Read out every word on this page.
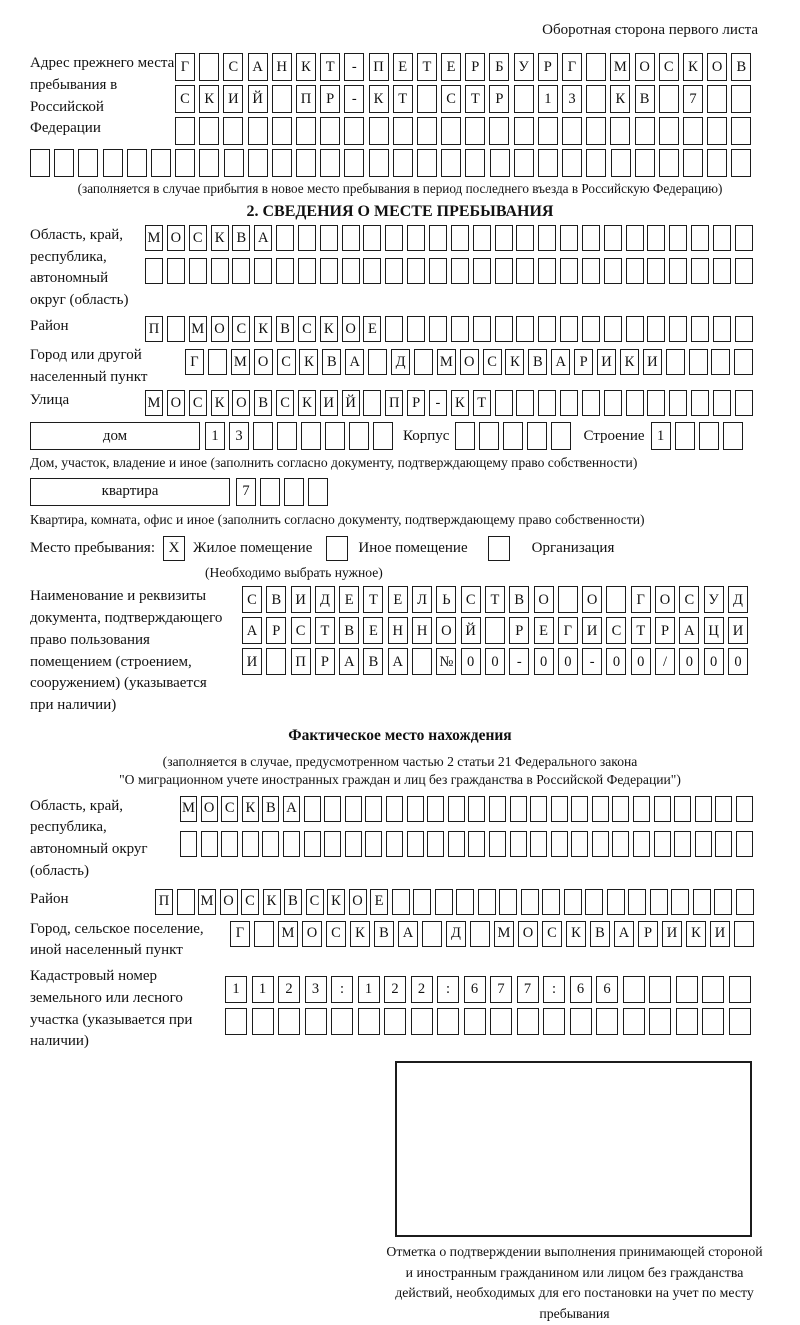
Оборотная сторона первого листа
Адрес прежнего места пребывания в Российской Федерации
Г	С А Н К	Т	-	П	Е	Т	Е	Р	Б	У	Р	Г	М О С	К О В
С	К И Й	П	Р	-	К	Т	С	Т	Р	1	3	К	В	7
(заполняется в случае прибытия в новое место пребывания в период последнего въезда в Российскую Федерацию)
2. СВЕДЕНИЯ О МЕСТЕ ПРЕБЫВАНИЯ
Область, край, республика, автономный округ (область)
М О С К В А
Район	П М О С К В С К О Е
Город или другой населенный пункт
Г	М О С К В А	Д	М О С К В А Р И К И
Улица	М О С К О В С К И Й П Р	-	К Т
дом	1	3	Корпус	Строение 1
Дом, участок, владение и иное (заполнить согласно документу, подтверждающему право собственности)
квартира	7
Квартира, комната, офис и иное (заполнить согласно документу, подтверждающему право собственности)
Место пребывания: X Жилое помещение	Иное помещение	Организация
(Необходимо выбрать нужное)
Наименование и реквизиты документа, подтверждающего право пользования помещением (строением, сооружением) (указывается при наличии)
С	В И Д	Е	Т	Е	Л	Ь	С	Т	В О	О	Г	О С У Д
А	Р	С	Т	В	Е	Н Н О Й	Р	Е	Г	И С	Т	Р	А Ц И
И	П	Р	А В А	№ 0	0	-	0	0	-	0	0	/	0	0	0
Фактическое место нахождения
(заполняется в случае, предусмотренном частью 2 статьи 21 Федерального закона
"О миграционном учете иностранных граждан и лиц без гражданства в Российской Федерации")
Область, край, республика, автономный округ (область)
М О С К В А
Район	П М О С К В С К О Е
Город, сельское поселение, иной населенный пункт
Г	М О С К В А	Д	М О С К В А	Р	И К И
Кадастровый номер земельного или лесного участка (указывается при наличии)
1	1	2	3	:	1	2	2	:	6	7	7	:	6	6
Отметка о подтверждении выполнения принимающей стороной и иностранным гражданином или лицом без гражданства действий, необходимых для его постановки на учет по месту пребывания
